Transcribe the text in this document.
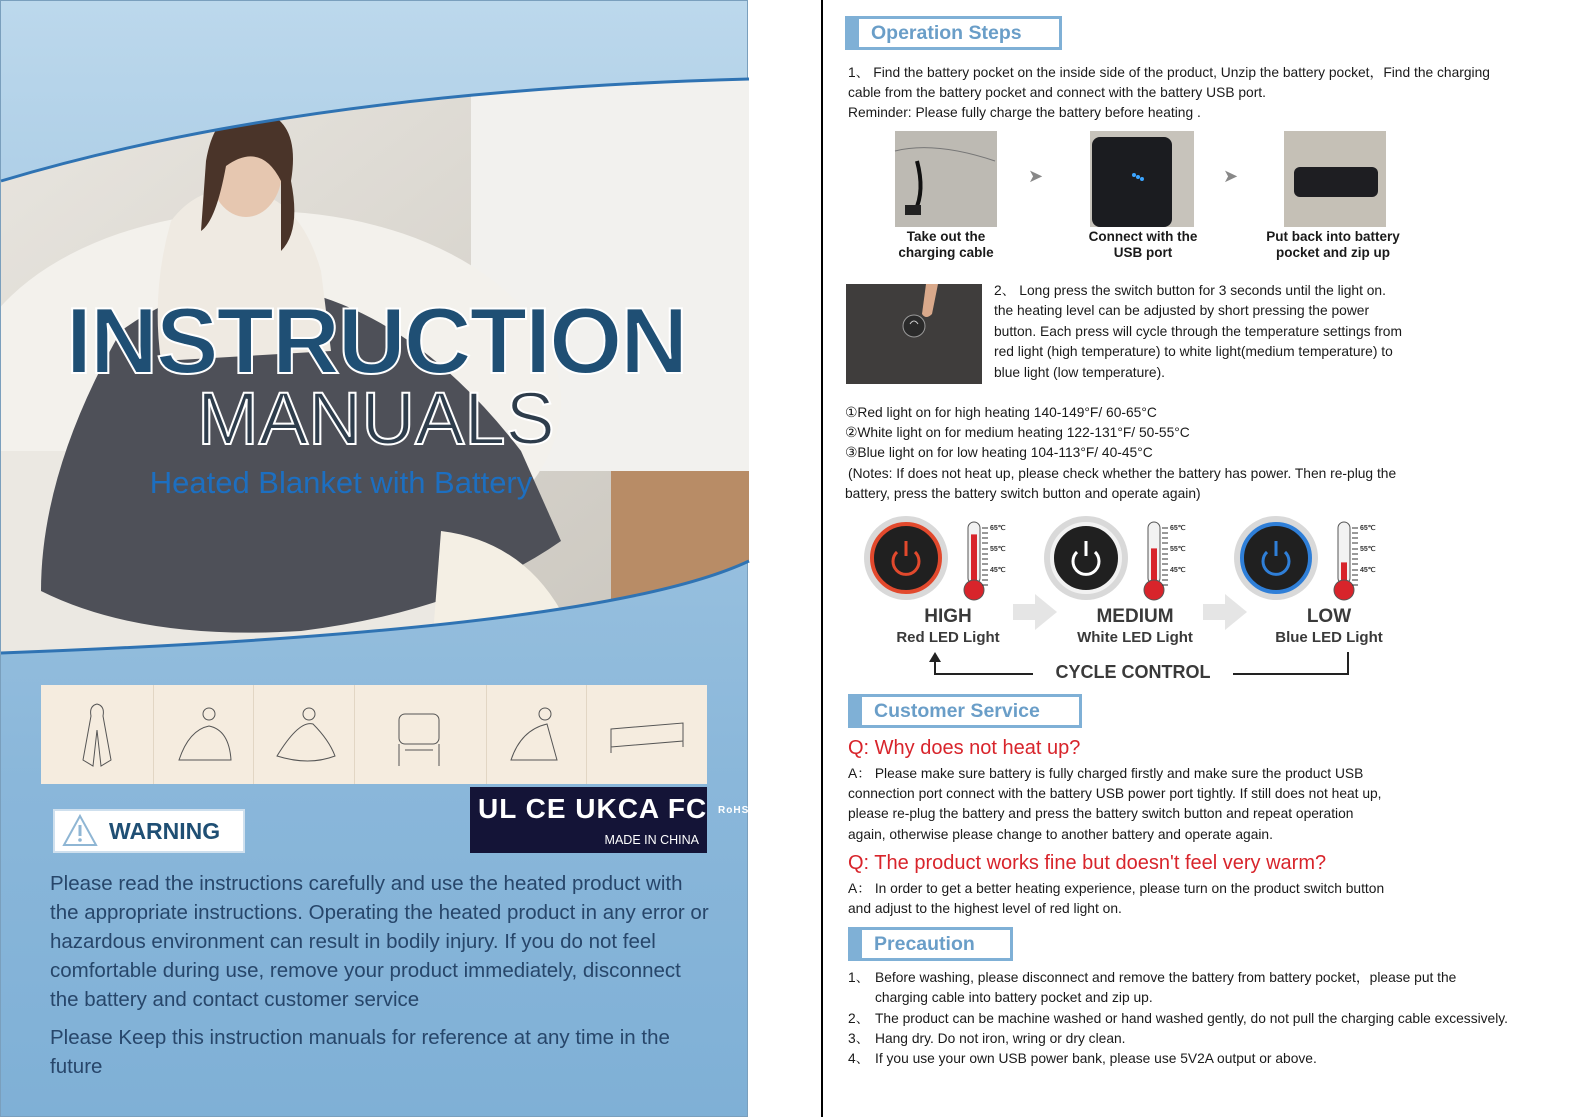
INSTRUCTION
MANUALS
Heated Blanket with Battery
WARNING
UL CE UKCA FC RoHS 🗑♻
MADE IN CHINA
Please read the instructions carefully and use the heated product with the appropriate instructions. Operating the heated product in any error or hazardous environment can result in bodily injury. If you do not feel comfortable during use, remove your product immediately, disconnect the battery and contact customer service
Please Keep this instruction manuals for reference at any time in the future
Operation Steps
1、 Find the battery pocket on the inside side of the product, Unzip the battery pocket，Find the charging
cable from the battery pocket and connect with the battery USB port.
Reminder: Please fully charge the battery before heating .
➤	➤
Take out the
charging cable
Connect with the
USB port
Put back into battery
pocket and zip up
2、 Long press the switch button for 3 seconds until the light on.
the heating level can be adjusted by short pressing the power
button. Each press will cycle through the temperature settings from
red light (high temperature) to white light(medium temperature) to
blue light (low temperature).
①Red light on for high heating 140-149°F/ 60-65°C
②White light on for medium heating 122-131°F/ 50-55°C
③Blue light on for low heating 104-113°F/ 40-45°C
(Notes: If does not heat up, please check whether the battery has power. Then re-plug the
battery, press the battery switch button and operate again)
65℃
55℃
45℃
65℃
55℃
45℃
65℃
55℃
45℃
HIGH
Red LED Light
MEDIUM
White LED Light
LOW
Blue LED Light
CYCLE CONTROL
Customer Service
Q: Why does not heat up?
A： Please make sure battery is fully charged firstly and make sure the product USB
connection port connect with the battery USB power port tightly. If still does not heat up,
please re-plug the battery and press the battery switch button and repeat operation
again, otherwise please change to another battery and operate again.
Q: The product works fine but doesn't feel very warm?
A： In order to get a better heating experience, please turn on the product switch button
and adjust to the highest level of red light on.
Precaution
1、 Before washing, please disconnect and remove the battery from battery pocket，please put the
charging cable into battery pocket and zip up.
2、 The product can be machine washed or hand washed gently, do not pull the charging cable excessively.
3、 Hang dry. Do not iron, wring or dry clean.
4、 If you use your own USB power bank, please use 5V2A output or above.
